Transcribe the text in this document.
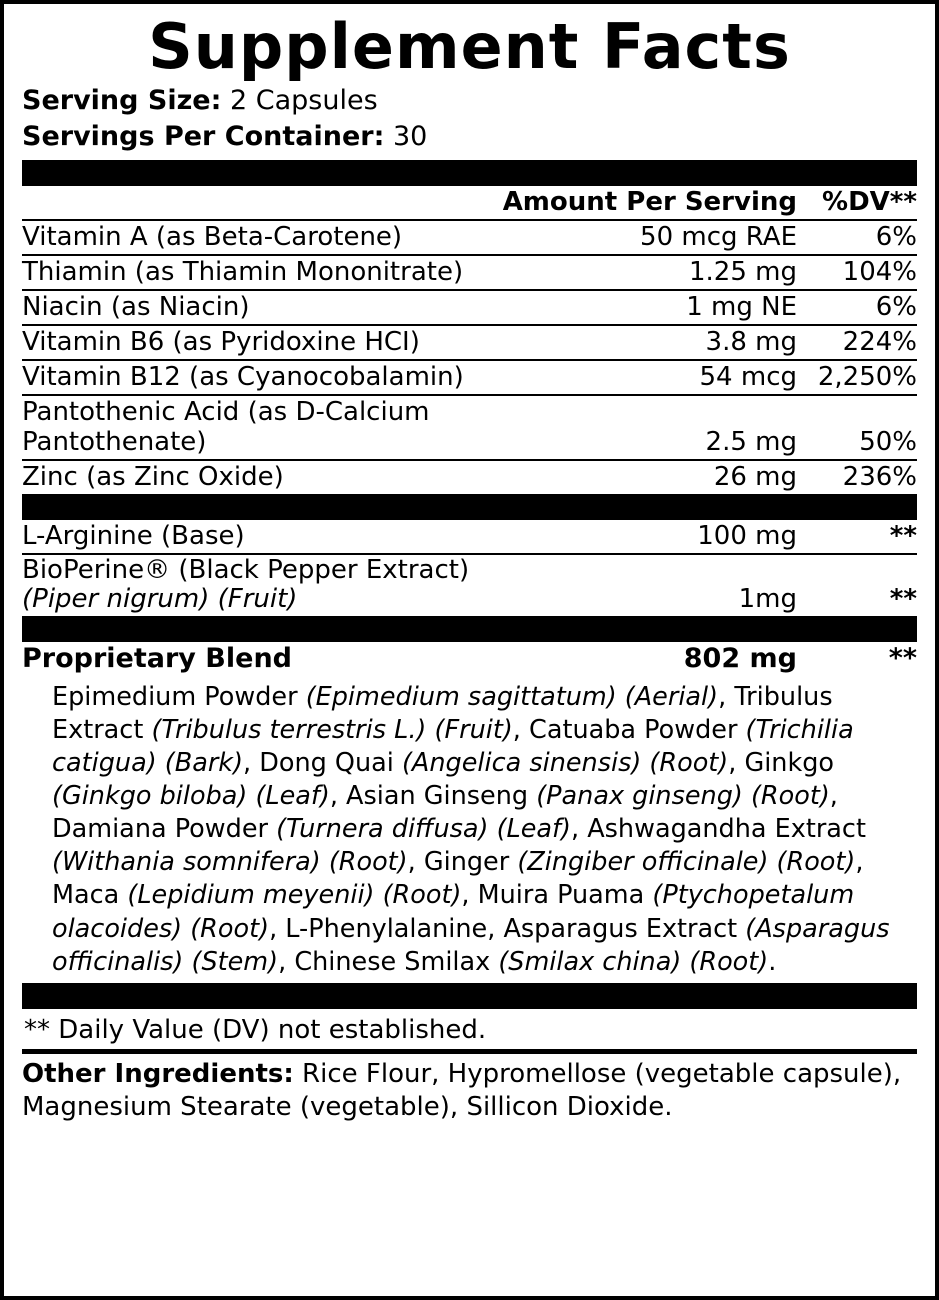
Supplement Facts
Serving Size: 2 Capsules
Servings Per Container: 30
	Amount Per Serving	%DV**
Vitamin A (as Beta-Carotene)	50 mcg RAE	6%
Thiamin (as Thiamin Mononitrate)	1.25 mg	104%
Niacin (as Niacin)	1 mg NE	6%
Vitamin B6 (as Pyridoxine HCI)	3.8 mg	224%
Vitamin B12 (as Cyanocobalamin)	54 mcg	2,250%
Pantothenic Acid (as D-Calcium Pantothenate)	2.5 mg	50%
Zinc (as Zinc Oxide)	26 mg	236%
L-Arginine (Base)	100 mg	**

BioPerine® (Black Pepper Extract)
(Piper nigrum) (Fruit)	1mg	**
Proprietary Blend	802 mg	**
Epimedium Powder (Epimedium sagittatum) (Aerial), Tribulus Extract (Tribulus terrestris L.) (Fruit), Catuaba Powder (Trichilia catigua) (Bark), Dong Quai (Angelica sinensis) (Root), Ginkgo (Ginkgo biloba) (Leaf), Asian Ginseng (Panax ginseng) (Root), Damiana Powder (Turnera diffusa) (Leaf), Ashwagandha Extract (Withania somnifera) (Root), Ginger (Zingiber officinale) (Root), Maca (Lepidium meyenii) (Root), Muira Puama (Ptychopetalum olacoides) (Root), L-Phenylalanine, Asparagus Extract (Asparagus officinalis) (Stem), Chinese Smilax (Smilax china) (Root).
** Daily Value (DV) not established.
Other Ingredients: Rice Flour, Hypromellose (vegetable capsule), Magnesium Stearate (vegetable), Sillicon Dioxide.
